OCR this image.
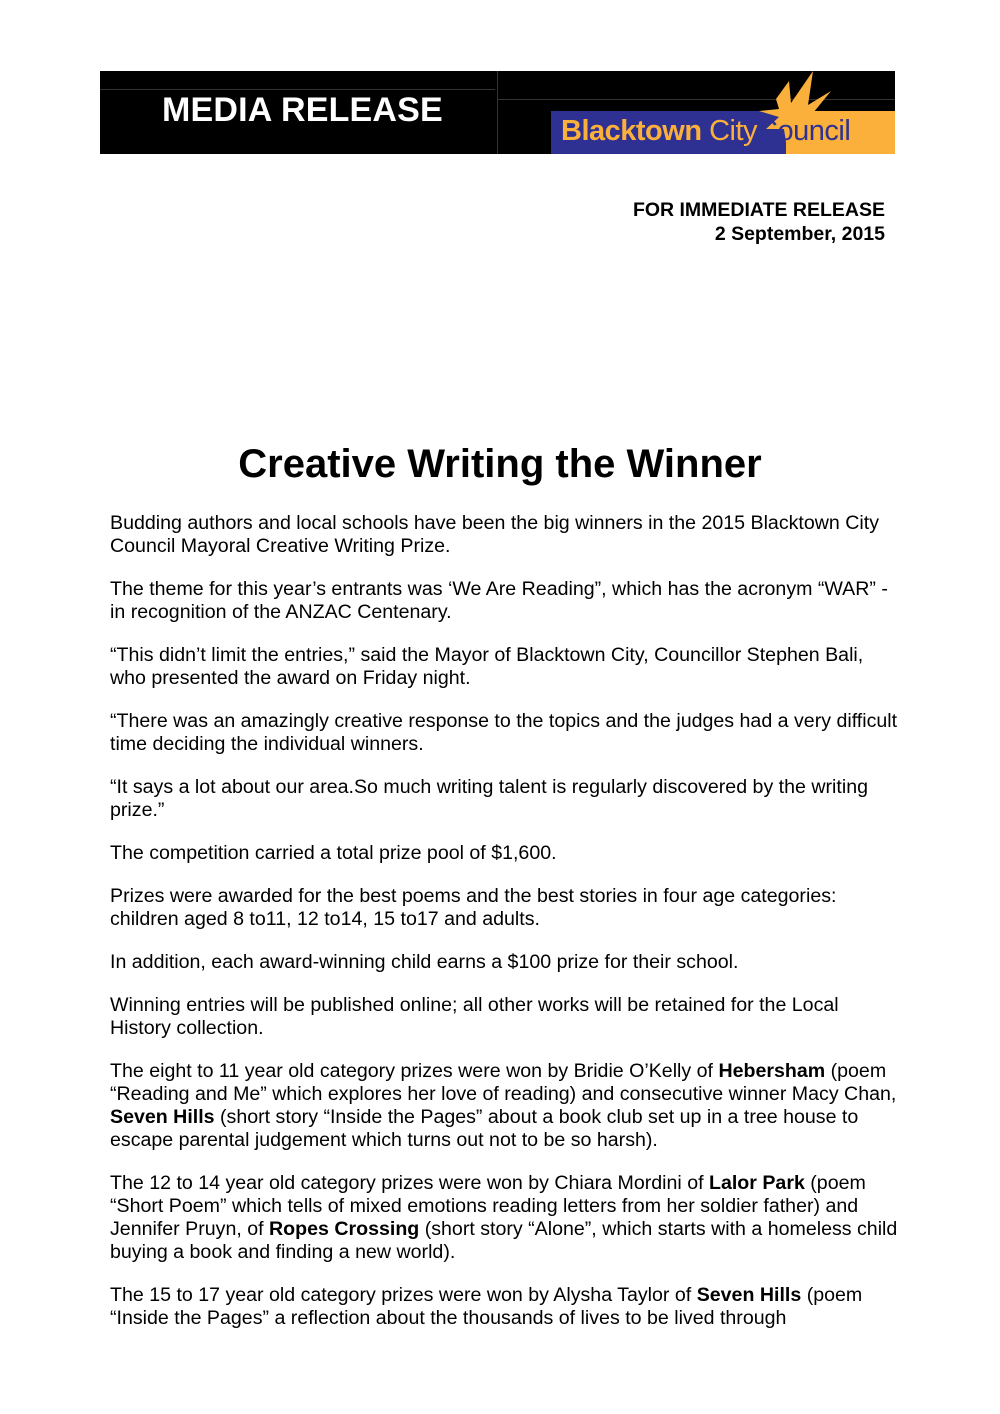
MEDIA RELEASE
Blacktown CityCouncil
FOR IMMEDIATE RELEASE
2 September, 2015
Creative Writing the Winner

Budding authors and local schools have been the big winners in the 2015 Blacktown City Council Mayoral Creative Writing Prize.

The theme for this year’s entrants was ‘We Are Reading”, which has the acronym “WAR” - in recognition of the ANZAC Centenary.

“This didn’t limit the entries,” said the Mayor of Blacktown City, Councillor Stephen Bali, who presented the award on Friday night.

“There was an amazingly creative response to the topics and the judges had a very difficult time deciding the individual winners.

“It says a lot about our area.So much writing talent is regularly discovered by the writing prize.”

The competition carried a total prize pool of $1,600.

Prizes were awarded for the best poems and the best stories in four age categories: children aged 8 to11, 12 to14, 15 to17 and adults.

In addition, each award-winning child earns a $100 prize for their school.

Winning entries will be published online; all other works will be retained for the Local History collection.

The eight to 11 year old category prizes were won by Bridie O’Kelly of Hebersham (poem “Reading and Me” which explores her love of reading) and consecutive winner Macy Chan, Seven Hills (short story “Inside the Pages” about a book club set up in a tree house to escape parental judgement which turns out not to be so harsh).

The 12 to 14 year old category prizes were won by Chiara Mordini of Lalor Park (poem “Short Poem” which tells of mixed emotions reading letters from her soldier father) and Jennifer Pruyn, of Ropes Crossing (short story “Alone”, which starts with a homeless child buying a book and finding a new world).

The 15 to 17 year old category prizes were won by Alysha Taylor of Seven Hills (poem “Inside the Pages” a reflection about the thousands of lives to be lived through
